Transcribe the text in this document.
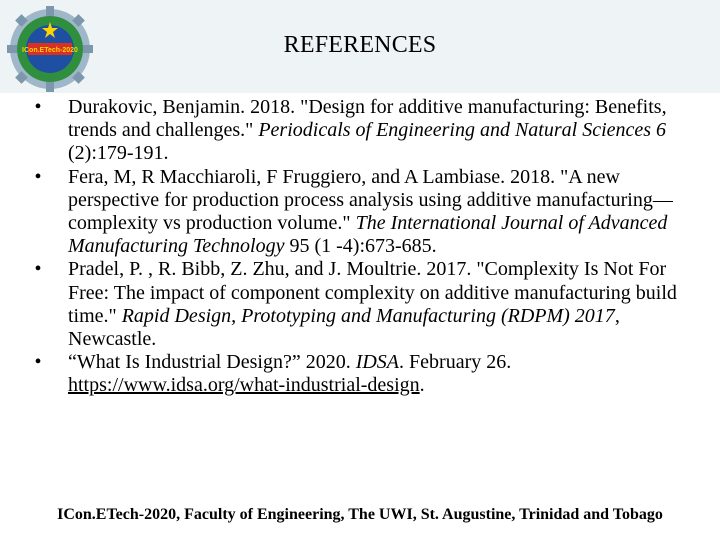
ICon.ETech-2020	REFERENCES
•	Durakovic, Benjamin. 2018. "Design for additive manufacturing: Benefits, trends and challenges." Periodicals of Engineering and Natural Sciences 6 (2):179-191.
•	Fera, M, R Macchiaroli, F Fruggiero, and A Lambiase. 2018. "A new perspective for production process analysis using additive manufacturing—complexity vs production volume." The International Journal of Advanced Manufacturing Technology 95 (1 -4):673-685.
•	Pradel, P. , R. Bibb, Z. Zhu, and J. Moultrie. 2017. "Complexity Is Not For Free: The impact of component complexity on additive manufacturing build time." Rapid Design, Prototyping and Manufacturing (RDPM) 2017, Newcastle.
•	“What Is Industrial Design?” 2020. IDSA. February 26. https://www.idsa.org/what-industrial-design.
ICon.ETech-2020, Faculty of Engineering, The UWI, St. Augustine, Trinidad and Tobago
